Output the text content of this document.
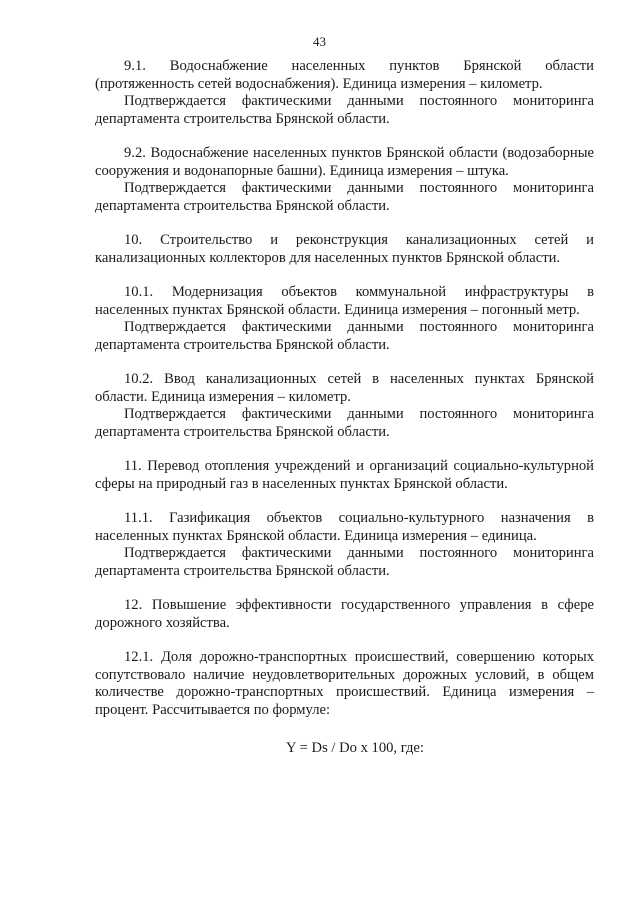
43

9.1. Водоснабжение населенных пунктов Брянской области (протяженность сетей водоснабжения). Единица измерения – километр.

Подтверждается фактическими данными постоянного мониторинга департамента строительства Брянской области.

9.2. Водоснабжение населенных пунктов Брянской области (водозаборные сооружения и водонапорные башни). Единица измерения – штука.

Подтверждается фактическими данными постоянного мониторинга департамента строительства Брянской области.

10. Строительство и реконструкция канализационных сетей и канализационных коллекторов для населенных пунктов Брянской области.

10.1. Модернизация объектов коммунальной инфраструктуры в населенных пунктах Брянской области. Единица измерения – погонный метр.

Подтверждается фактическими данными постоянного мониторинга департамента строительства Брянской области.

10.2. Ввод канализационных сетей в населенных пунктах Брянской области. Единица измерения – километр.

Подтверждается фактическими данными постоянного мониторинга департамента строительства Брянской области.

11. Перевод отопления учреждений и организаций социально-культурной сферы на природный газ в населенных пунктах Брянской области.

11.1. Газификация объектов социально-культурного назначения в населенных пунктах Брянской области. Единица измерения – единица.

Подтверждается фактическими данными постоянного мониторинга департамента строительства Брянской области.

12. Повышение эффективности государственного управления в сфере дорожного хозяйства.

12.1. Доля дорожно-транспортных происшествий, совершению которых сопутствовало наличие неудовлетворительных дорожных условий, в общем количестве дорожно-транспортных происшествий. Единица измерения – процент. Рассчитывается по формуле:

Y = Ds / Do x 100, где:
